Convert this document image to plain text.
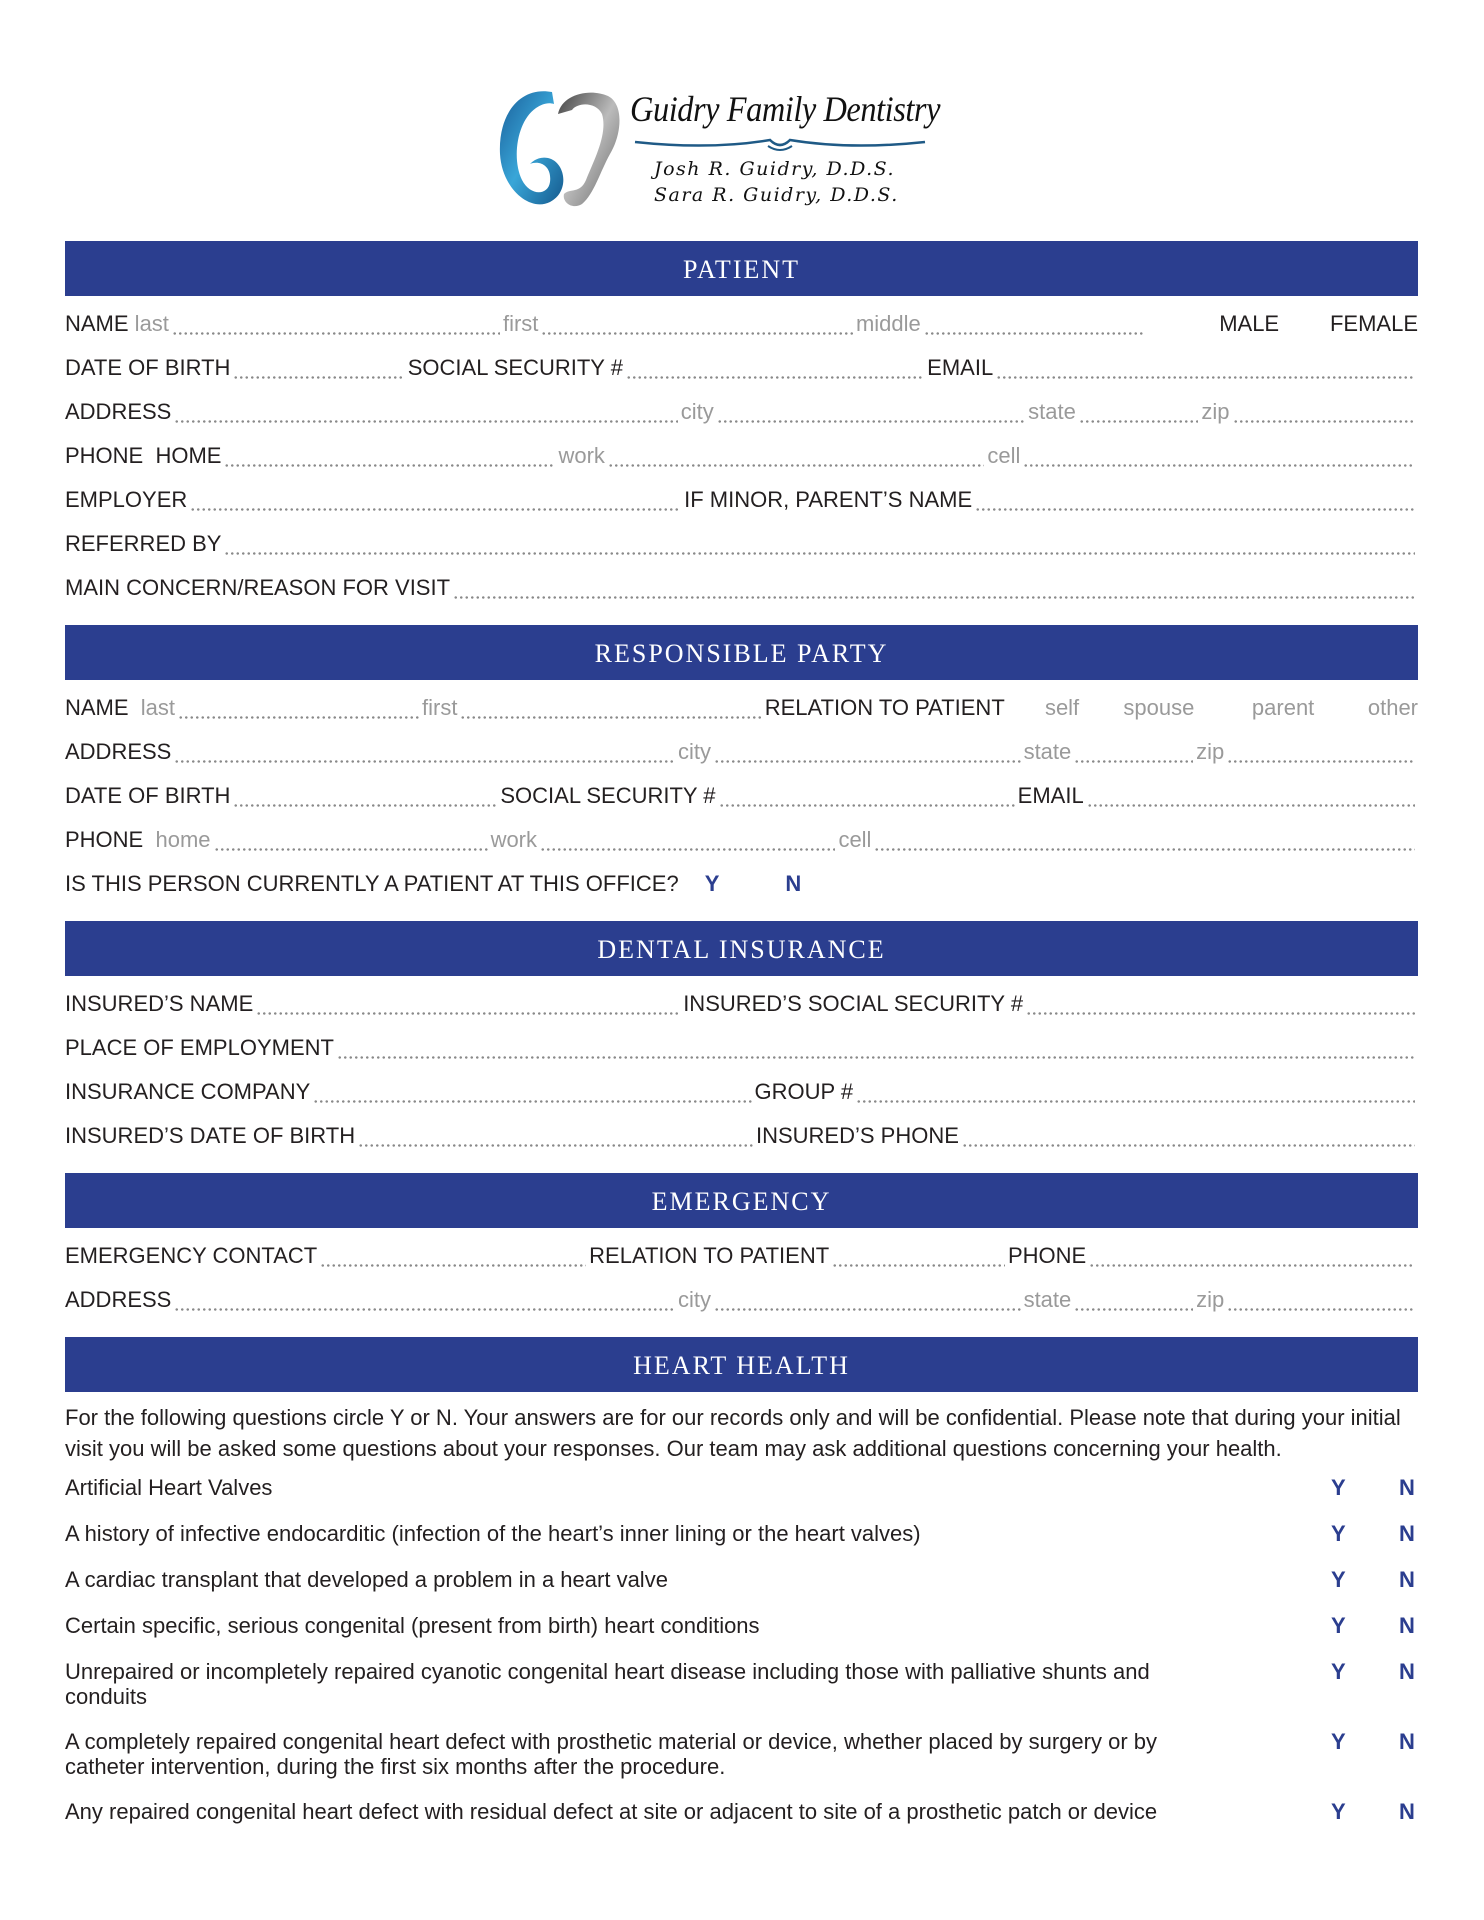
Guidry Family Dentistry
Josh R. Guidry, D.D.S.
Sara R. Guidry, D.D.S.
PATIENT
NAME last	first	middle	MALE FEMALE
DATE OF BIRTH	SOCIAL SECURITY #	EMAIL
ADDRESS	city	state	zip
PHONE  HOME	work	cell
EMPLOYER	IF MINOR, PARENT’S NAME
REFERRED BY
MAIN CONCERN/REASON FOR VISIT
RESPONSIBLE PARTY
NAME last	first	RELATION TO PATIENT self spouse	parent other
ADDRESS	city	state	zip
DATE OF BIRTH	SOCIAL SECURITY #	EMAIL
PHONE home	work	cell
IS THIS PERSON CURRENTLY A PATIENT AT THIS OFFICE? Y	N
DENTAL INSURANCE
INSURED’S NAME	INSURED’S SOCIAL SECURITY #
PLACE OF EMPLOYMENT
INSURANCE COMPANY	GROUP #
INSURED’S DATE OF BIRTH	INSURED’S PHONE
EMERGENCY
EMERGENCY CONTACT	RELATION TO PATIENT	PHONE
ADDRESS	city	state	zip
HEART HEALTH

For the following questions circle Y or N. Your answers are for our records only and will be confidential. Please note that during your initial visit you will be asked some questions about your responses. Our team may ask additional questions concerning your health.

Artificial Heart Valves	Y N
A history of infective endocarditic (infection of the heart’s inner lining or the heart valves)	Y N
A cardiac transplant that developed a problem in a heart valve	Y N
Certain specific, serious congenital (present from birth) heart conditions	Y N
Unrepaired or incompletely repaired cyanotic congenital heart disease including those with palliative shunts and conduits
Y N
A completely repaired congenital heart defect with prosthetic material or device, whether placed by surgery or by catheter intervention, during the first six months after the procedure.
Y N
Any repaired congenital heart defect with residual defect at site or adjacent to site of a prosthetic patch or device	Y N
